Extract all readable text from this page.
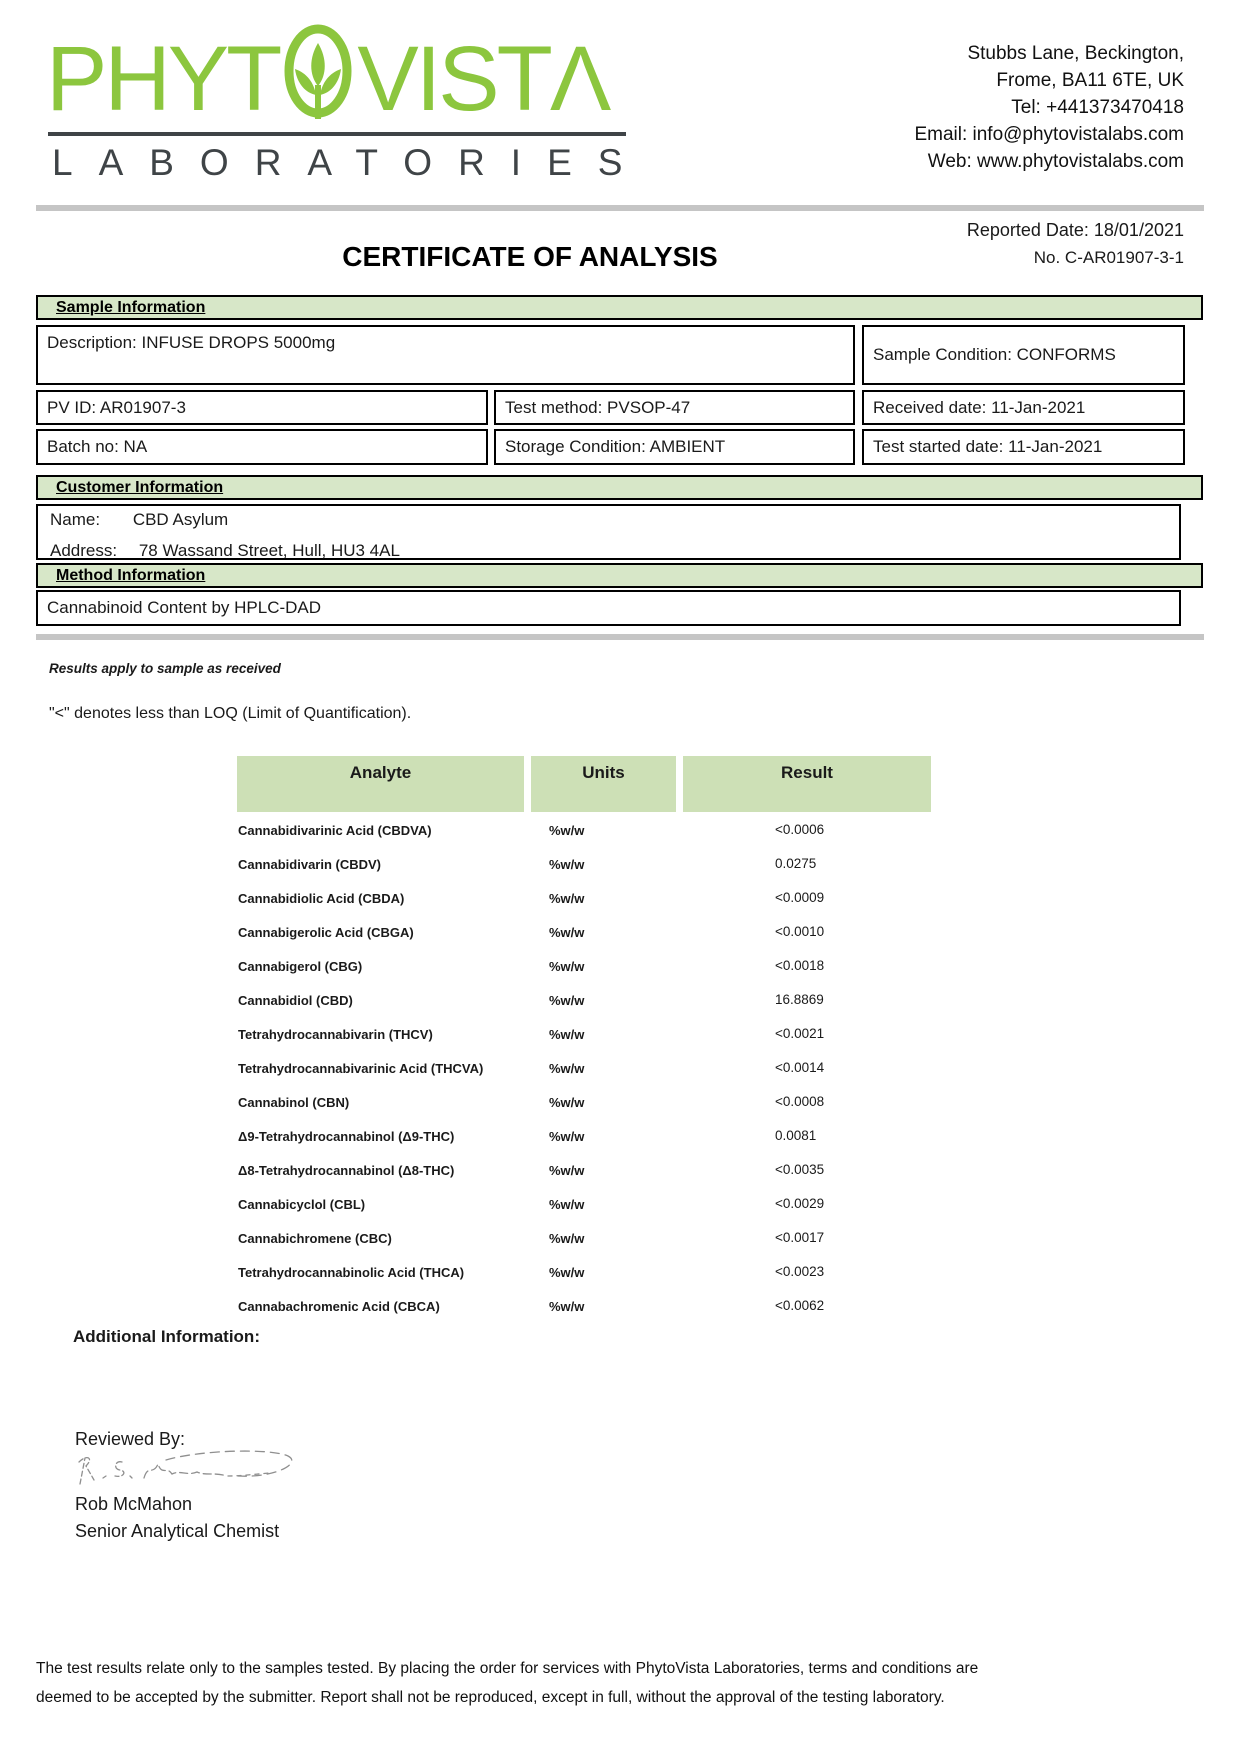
PHYT VISTΛ
LABORATORIES
Stubbs Lane, Beckington,
Frome, BA11 6TE, UK
Tel: +441373470418
Email: info@phytovistalabs.com
Web: www.phytovistalabs.com
Reported Date: 18/01/2021
No. C-AR01907-3-1
CERTIFICATE OF ANALYSIS
Sample Information
Description: INFUSE DROPS 5000mg
Sample Condition: CONFORMS
PV ID: AR01907-3	Test method: PVSOP-47	Received date: 11-Jan-2021
Batch no: NA	Storage Condition: AMBIENT	Test started date: 11-Jan-2021
Customer Information
Name: CBD Asylum
Address: 78 Wassand Street, Hull, HU3 4AL
Method Information
Cannabinoid Content by HPLC-DAD
Results apply to sample as received
"<" denotes less than LOQ (Limit of Quantification).
Analyte	Units	Result
Cannabidivarinic Acid (CBDVA)	%w/w	<0.0006
Cannabidivarin (CBDV)	%w/w	0.0275
Cannabidiolic Acid (CBDA)	%w/w	<0.0009
Cannabigerolic Acid (CBGA)	%w/w	<0.0010
Cannabigerol (CBG)	%w/w	<0.0018
Cannabidiol (CBD)	%w/w	16.8869
Tetrahydrocannabivarin (THCV)	%w/w	<0.0021
Tetrahydrocannabivarinic Acid (THCVA)	%w/w	<0.0014
Cannabinol (CBN)	%w/w	<0.0008
Δ9-Tetrahydrocannabinol (Δ9-THC)	%w/w	0.0081
Δ8-Tetrahydrocannabinol (Δ8-THC)	%w/w	<0.0035
Cannabicyclol (CBL)	%w/w	<0.0029
Cannabichromene (CBC)	%w/w	<0.0017
Tetrahydrocannabinolic Acid (THCA)	%w/w	<0.0023
Cannabachromenic Acid (CBCA)	%w/w	<0.0062
Additional Information:
Reviewed By:
Rob McMahon
Senior Analytical Chemist
The test results relate only to the samples tested. By placing the order for services with PhytoVista Laboratories, terms and conditions are
deemed to be accepted by the submitter. Report shall not be reproduced, except in full, without the approval of the testing laboratory.
